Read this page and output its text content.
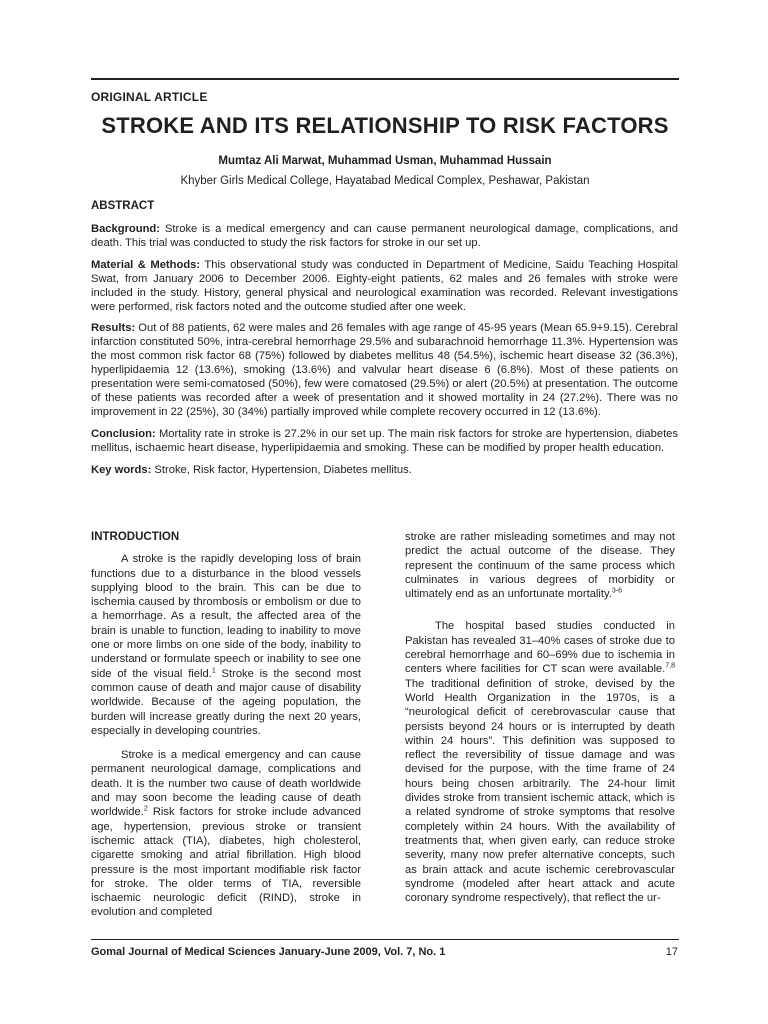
ORIGINAL ARTICLE
STROKE AND ITS RELATIONSHIP TO RISK FACTORS
Mumtaz Ali Marwat, Muhammad Usman, Muhammad Hussain
Khyber Girls Medical College, Hayatabad Medical Complex, Peshawar, Pakistan
ABSTRACT

Background: Stroke is a medical emergency and can cause permanent neurological damage, complications, and death. This trial was conducted to study the risk factors for stroke in our set up.

Material & Methods: This observational study was conducted in Department of Medicine, Saidu Teaching Hospital Swat, from January 2006 to December 2006. Eighty-eight patients, 62 males and 26 females with stroke were included in the study. History, general physical and neurological examination was recorded. Relevant investigations were performed, risk factors noted and the outcome studied after one week.

Results: Out of 88 patients, 62 were males and 26 females with age range of 45-95 years (Mean 65.9+9.15). Cerebral infarction constituted 50%, intra-cerebral hemorrhage 29.5% and subarachnoid hemorrhage 11.3%. Hypertension was the most common risk factor 68 (75%) followed by diabetes mellitus 48 (54.5%), ischemic heart disease 32 (36.3%), hyperlipidaemia 12 (13.6%), smoking (13.6%) and valvular heart disease 6 (6.8%). Most of these patients on presentation were semi-comatosed (50%), few were comatosed (29.5%) or alert (20.5%) at presentation. The outcome of these patients was recorded after a week of presentation and it showed mortality in 24 (27.2%). There was no improvement in 22 (25%), 30 (34%) partially improved while complete recovery occurred in 12 (13.6%).

Conclusion: Mortality rate in stroke is 27.2% in our set up. The main risk factors for stroke are hypertension, diabetes mellitus, ischaemic heart disease, hyperlipidaemia and smoking. These can be modified by proper health education.

Key words: Stroke, Risk factor, Hypertension, Diabetes mellitus.

INTRODUCTION

A stroke is the rapidly developing loss of brain functions due to a disturbance in the blood vessels supplying blood to the brain. This can be due to ischemia caused by thrombosis or embolism or due to a hemorrhage. As a result, the affected area of the brain is unable to function, leading to inability to move one or more limbs on one side of the body, inability to understand or formulate speech or inability to see one side of the visual field.$^1$ Stroke is the second most common cause of death and major cause of disability worldwide. Because of the ageing population, the burden will increase greatly during the next 20 years, especially in developing countries.

Stroke is a medical emergency and can cause permanent neurological damage, complications and death. It is the number two cause of death worldwide and may soon become the leading cause of death worldwide.$^2$ Risk factors for stroke include advanced age, hypertension, previous stroke or transient ischemic attack (TIA), diabetes, high cholesterol, cigarette smoking and atrial fibrillation. High blood pressure is the most important modifiable risk factor for stroke. The older terms of TIA, reversible ischaemic neurologic deficit (RIND), stroke in evolution and completed

stroke are rather misleading sometimes and may not predict the actual outcome of the disease. They represent the continuum of the same process which culminates in various degrees of morbidity or ultimately end as an unfortunate mortality.$^{3-6}$

The hospital based studies conducted in Pakistan has revealed 31–40% cases of stroke due to cerebral hemorrhage and 60–69% due to ischemia in centers where facilities for CT scan were available.$^{7,8}$ The traditional definition of stroke, devised by the World Health Organization in the 1970s, is a “neurological deficit of cerebrovascular cause that persists beyond 24 hours or is interrupted by death within 24 hours”. This definition was supposed to reflect the reversibility of tissue damage and was devised for the purpose, with the time frame of 24 hours being chosen arbitrarily. The 24-hour limit divides stroke from transient ischemic attack, which is a related syndrome of stroke symptoms that resolve completely within 24 hours. With the availability of treatments that, when given early, can reduce stroke severity, many now prefer alternative concepts, such as brain attack and acute ischemic cerebrovascular syndrome (modeled after heart attack and acute coronary syndrome respectively), that reflect the ur-

Gomal Journal of Medical Sciences January-June 2009, Vol. 7, No. 1	17
